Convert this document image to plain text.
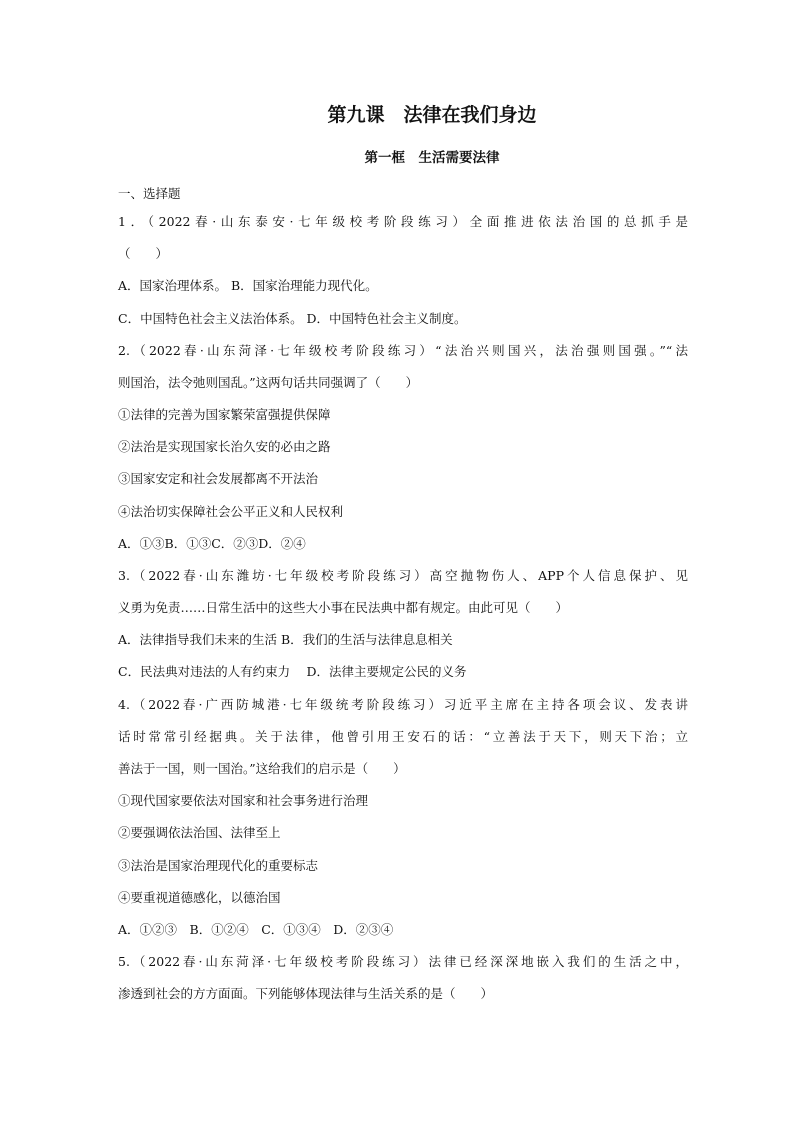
第九课　法律在我们身边
第一框　生活需要法律
一、选择题
1．（2022春·山东泰安·七年级校考阶段练习）全面推进依法治国的总抓手是
（　　）
A．国家治理体系。 B．国家治理能力现代化。
C．中国特色社会主义法治体系。 D．中国特色社会主义制度。
2.（2022春·山东菏泽·七年级校考阶段练习）“法治兴则国兴，法治强则国强。”“法
则国治，法令弛则国乱。”这两句话共同强调了（　　）
①法律的完善为国家繁荣富强提供保障
②法治是实现国家长治久安的必由之路
③国家安定和社会发展都离不开法治
④法治切实保障社会公平正义和人民权利
A．①③B．①③C．②③D．②④
3.（2022春·山东潍坊·七年级校考阶段练习）高空抛物伤人、APP个人信息保护、见
义勇为免责……日常生活中的这些大小事在民法典中都有规定。由此可见（　　）
A．法律指导我们未来的生活 B．我们的生活与法律息息相关
C．民法典对违法的人有约束力　 D．法律主要规定公民的义务
4.（2022春·广西防城港·七年级统考阶段练习）习近平主席在主持各项会议、发表讲
话时常常引经据典。关于法律，他曾引用王安石的话：“立善法于天下，则天下治；立
善法于一国，则一国治。”这给我们的启示是（　　）
①现代国家要依法对国家和社会事务进行治理
②要强调依法治国、法律至上
③法治是国家治理现代化的重要标志
④要重视道德感化，以德治国
A．①②③　B．①②④　C．①③④　D．②③④
5.（2022春·山东菏泽·七年级校考阶段练习）法律已经深深地嵌入我们的生活之中，
渗透到社会的方方面面。下列能够体现法律与生活关系的是（　　）
